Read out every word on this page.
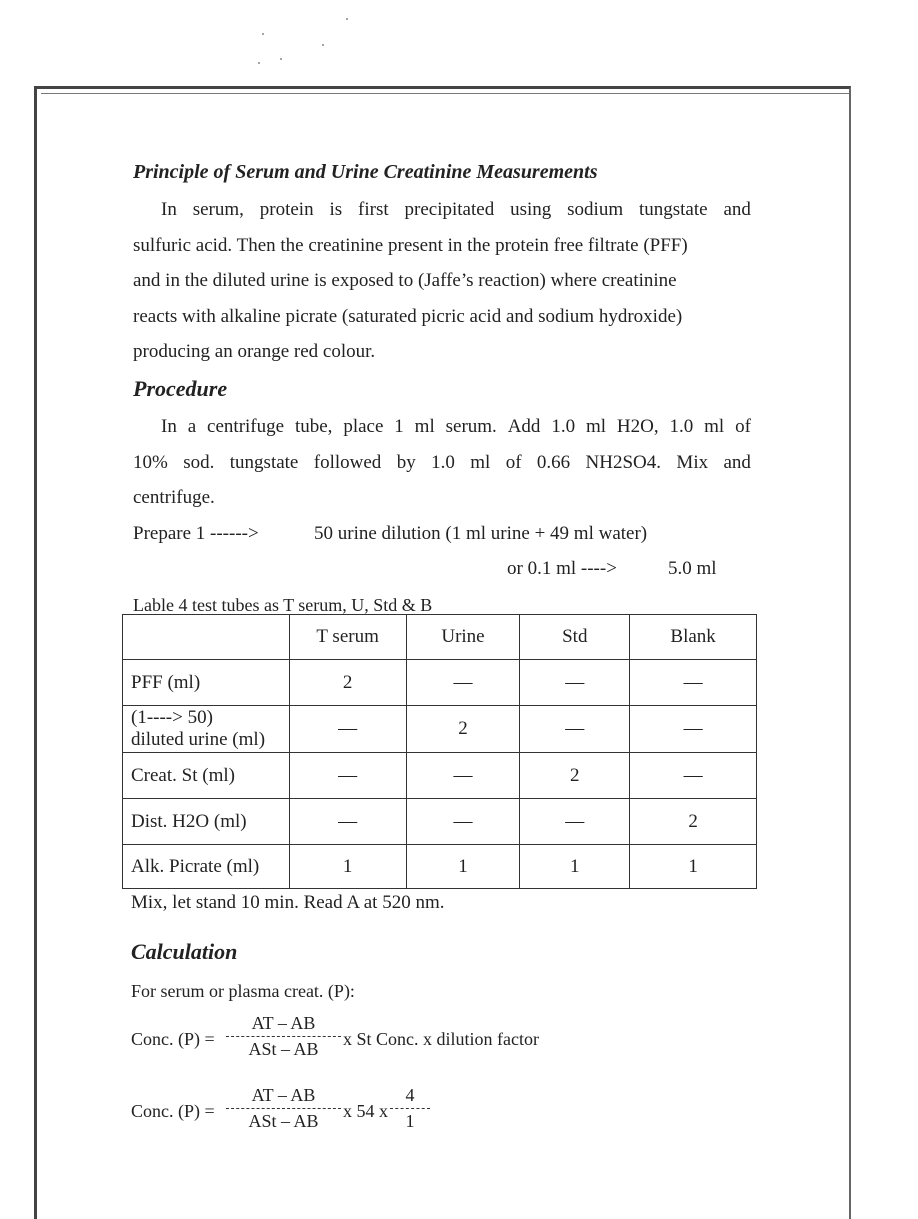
Principle of Serum and Urine Creatinine Measurements
In serum, protein is first precipitated using sodium tungstate and
sulfuric acid. Then the creatinine present in the protein free filtrate (PFF)
and in the diluted urine is exposed to (Jaffe’s reaction) where creatinine
reacts with alkaline picrate (saturated picric acid and sodium hydroxide)
producing an orange red colour.
Procedure
In a centrifuge tube, place 1 ml serum. Add 1.0 ml H2O, 1.0 ml of
10% sod. tungstate followed by 1.0 ml of 0.66 NH2SO4. Mix and
centrifuge.
Prepare 1 ------>	50 urine dilution (1 ml urine + 49 ml water)
or 0.1 ml ---->	5.0 ml
Lable 4 test tubes as T serum, U, Std & B
	T serum	Urine	Std	Blank
PFF (ml)	2	—	—	—

(1----> 50)
diluted urine (ml)	—	2	—	—
Creat. St (ml)	—	—	2	—
Dist. H2O (ml)	—	—	—	2
Alk. Picrate (ml)	1	1	1	1
Mix, let stand 10 min. Read A at 520 nm.
Calculation
For serum or plasma creat. (P):
Conc. (P) =
AT – AB
ASt – AB	x St Conc. x dilution factor
Conc. (P) =
AT – AB
ASt – AB	x 54 x
4
1
